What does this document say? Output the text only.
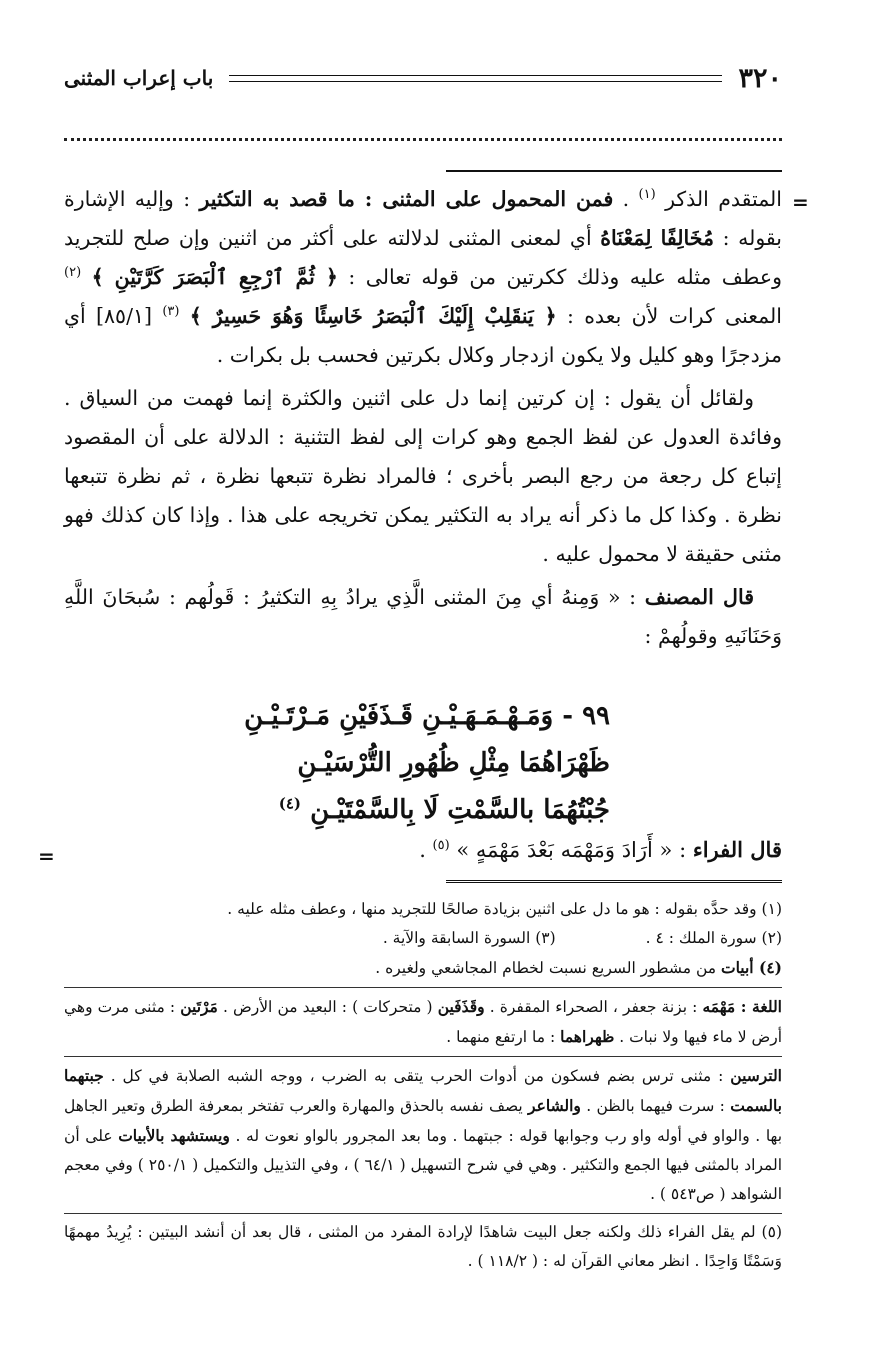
٣٢٠
باب إعراب المثنى
=
=

المتقدم الذكر $^{(١)}$ . فمن المحمول على المثنى : ما قصد به التكثير : وإليه الإشارة بقوله : مُخَالِفًا لِمَعْنَاهُ أي لمعنى المثنى لدلالته على أكثر من اثنين وإن صلح للتجريد وعطف مثله عليه وذلك ككرتين من قوله تعالى : ﴿ ثُمَّ ٱرْجِعِ ٱلْبَصَرَ كَرَّتَيْنِ ﴾ $^{(٢)}$ المعنى كرات لأن بعده : ﴿ يَنقَلِبْ إِلَيْكَ ٱلْبَصَرُ خَاسِئًا وَهُوَ حَسِيرٌ ﴾ $^{(٣)}$ [٨٥/١] أي مزدجرًا وهو كليل ولا يكون ازدجار وكلال بكرتين فحسب بل بكرات .

ولقائل أن يقول : إن كرتين إنما دل على اثنين والكثرة إنما فهمت من السياق . وفائدة العدول عن لفظ الجمع وهو كرات إلى لفظ التثنية : الدلالة على أن المقصود إتباع كل رجعة من رجع البصر بأخرى ؛ فالمراد نظرة تتبعها نظرة ، ثم نظرة تتبعها نظرة . وكذا كل ما ذكر أنه يراد به التكثير يمكن تخريجه على هذا . وإذا كان كذلك فهو مثنى حقيقة لا محمول عليه .

قال المصنف : « وَمِنهُ أي مِنَ المثنى الَّذِي يرادُ بِهِ التكثيرُ : قَولُهم : سُبحَانَ اللَّهِ وَحَنَانَيهِ وقولُهمْ :

٩٩ - وَمَـهْـمَـهَـيْـنِ قَـذَفَيْنِ مَـرْتَـيْـنِ
ظَهْرَاهُمَا مِثْلِ ظُهُورِ التُّرْسَيْـنِ
جُبْتُهُمَا بالسَّمْتِ لَا بِالسَّمْتَيْـنِ $^{(٤)}$
قال الفراء : « أَرَادَ وَمَهْمَه بَعْدَ مَهْمَهٍ » $^{(٥)}$ .

(١) وقد حدَّه بقوله : هو ما دل على اثنين بزيادة صالحًا للتجريد منها ، وعطف مثله عليه .

(٢) سورة الملك : ٤ .
(٣) السورة السابقة والآية .

(٤) أبيات من مشطور السريع نسبت لخطام المجاشعي ولغيره .

اللغة : مَهْمَه : بزنة جعفر ، الصحراء المقفرة . وقَذَفَين ( متحركات ) : البعيد من الأرض . مَرْتَين : مثنى مرت وهي أرض لا ماء فيها ولا نبات . ظهراهما : ما ارتفع منهما .

الترسين : مثنى ترس بضم فسكون من أدوات الحرب يتقى به الضرب ، ووجه الشبه الصلابة في كل . جبتهما بالسمت : سرت فيهما بالظن . والشاعر يصف نفسه بالحذق والمهارة والعرب تفتخر بمعرفة الطرق وتعير الجاهل بها . والواو في أوله واو رب وجوابها قوله : جبتهما . وما بعد المجرور بالواو نعوت له . ويستشهد بالأبيات على أن المراد بالمثنى فيها الجمع والتكثير . وهي في شرح التسهيل ( ٦٤/١ ) ، وفي التذييل والتكميل ( ٢٥٠/١ ) وفي معجم الشواهد ( ص٥٤٣ ) .

(٥) لم يقل الفراء ذلك ولكنه جعل البيت شاهدًا لإرادة المفرد من المثنى ، قال بعد أن أنشد البيتين : يُرِيدُ مهمهًا وَسَمْتًا وَاحِدًا . انظر معاني القرآن له : ( ١١٨/٢ ) .
